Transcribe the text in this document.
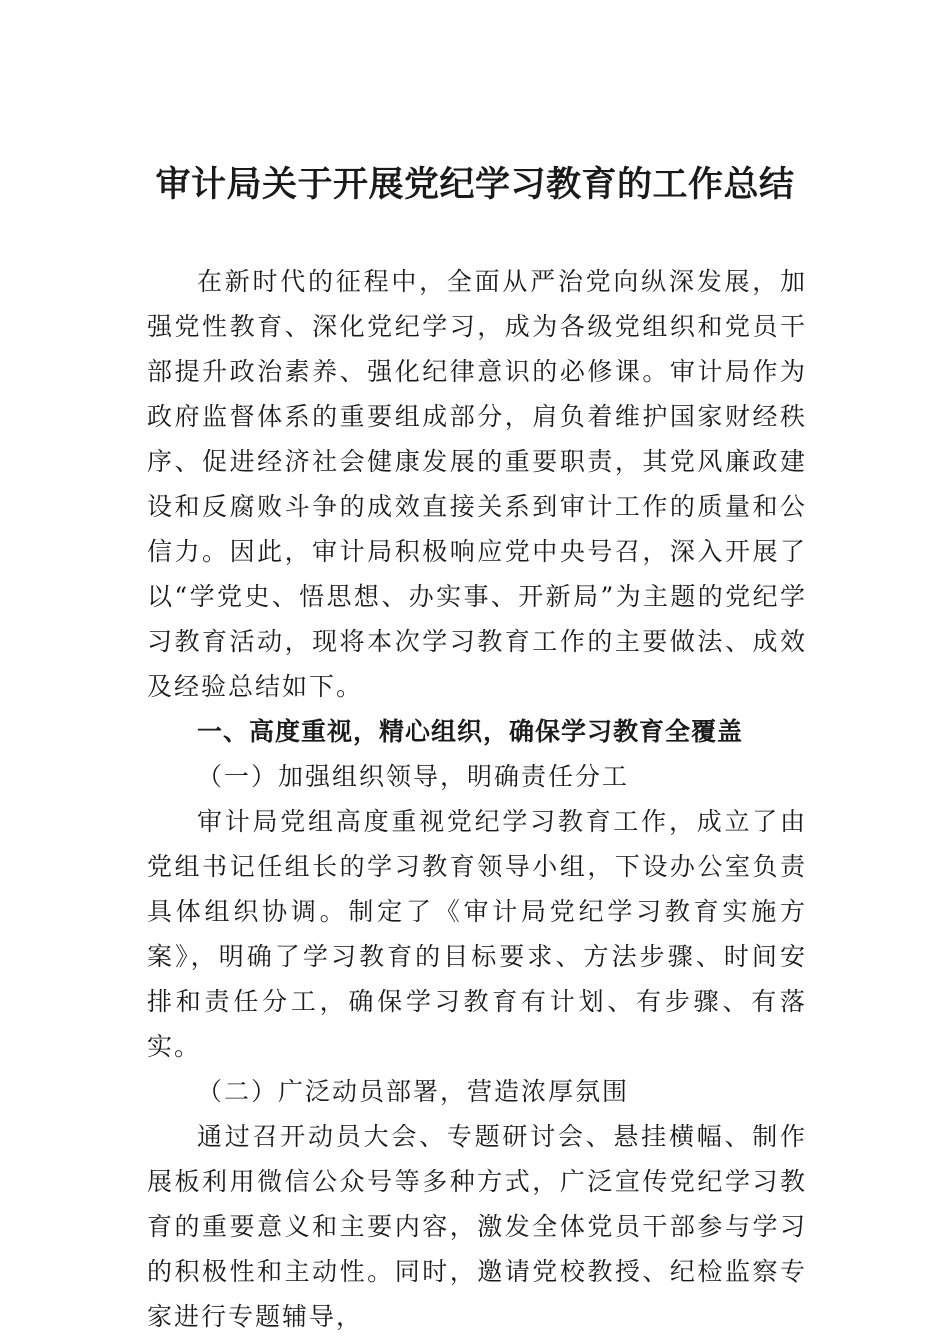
审计局关于开展党纪学习教育的工作总结

在新时代的征程中，全面从严治党向纵深发展，加强党性教育、深化党纪学习，成为各级党组织和党员干部提升政治素养、强化纪律意识的必修课。审计局作为政府监督体系的重要组成部分，肩负着维护国家财经秩序、促进经济社会健康发展的重要职责，其党风廉政建设和反腐败斗争的成效直接关系到审计工作的质量和公信力。因此，审计局积极响应党中央号召，深入开展了以“学党史、悟思想、办实事、开新局”为主题的党纪学习教育活动，现将本次学习教育工作的主要做法、成效及经验总结如下。

一、高度重视，精心组织，确保学习教育全覆盖

（一）加强组织领导，明确责任分工

审计局党组高度重视党纪学习教育工作，成立了由党组书记任组长的学习教育领导小组，下设办公室负责具体组织协调。制定了《审计局党纪学习教育实施方案》，明确了学习教育的目标要求、方法步骤、时间安排和责任分工，确保学习教育有计划、有步骤、有落实。

（二）广泛动员部署，营造浓厚氛围

通过召开动员大会、专题研讨会、悬挂横幅、制作展板利用微信公众号等多种方式，广泛宣传党纪学习教育的重要意义和主要内容，激发全体党员干部参与学习的积极性和主动性。同时，邀请党校教授、纪检监察专家进行专题辅导，
